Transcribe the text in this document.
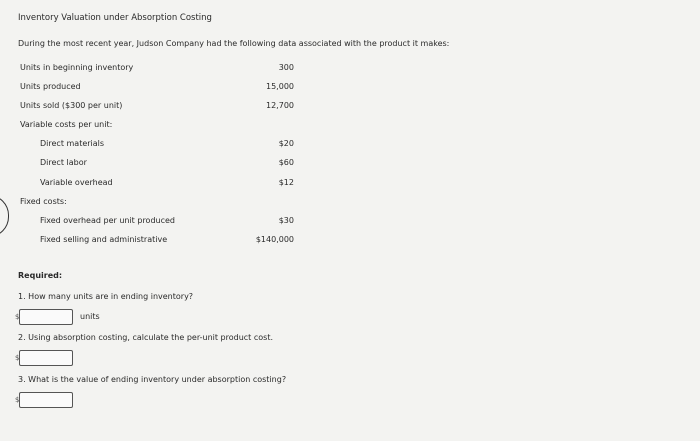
Inventory Valuation under Absorption Costing
During the most recent year, Judson Company had the following data associated with the product it makes:
Units in beginning inventory	300
Units produced	15,000
Units sold ($300 per unit)	12,700
Variable costs per unit:
Direct materials	$20
Direct labor	$60
Variable overhead	$12
Fixed costs:
Fixed overhead per unit produced	$30
Fixed selling and administrative	$140,000
Required:
1. How many units are in ending inventory?
$	units
2. Using absorption costing, calculate the per-unit product cost.
$
3. What is the value of ending inventory under absorption costing?
$
